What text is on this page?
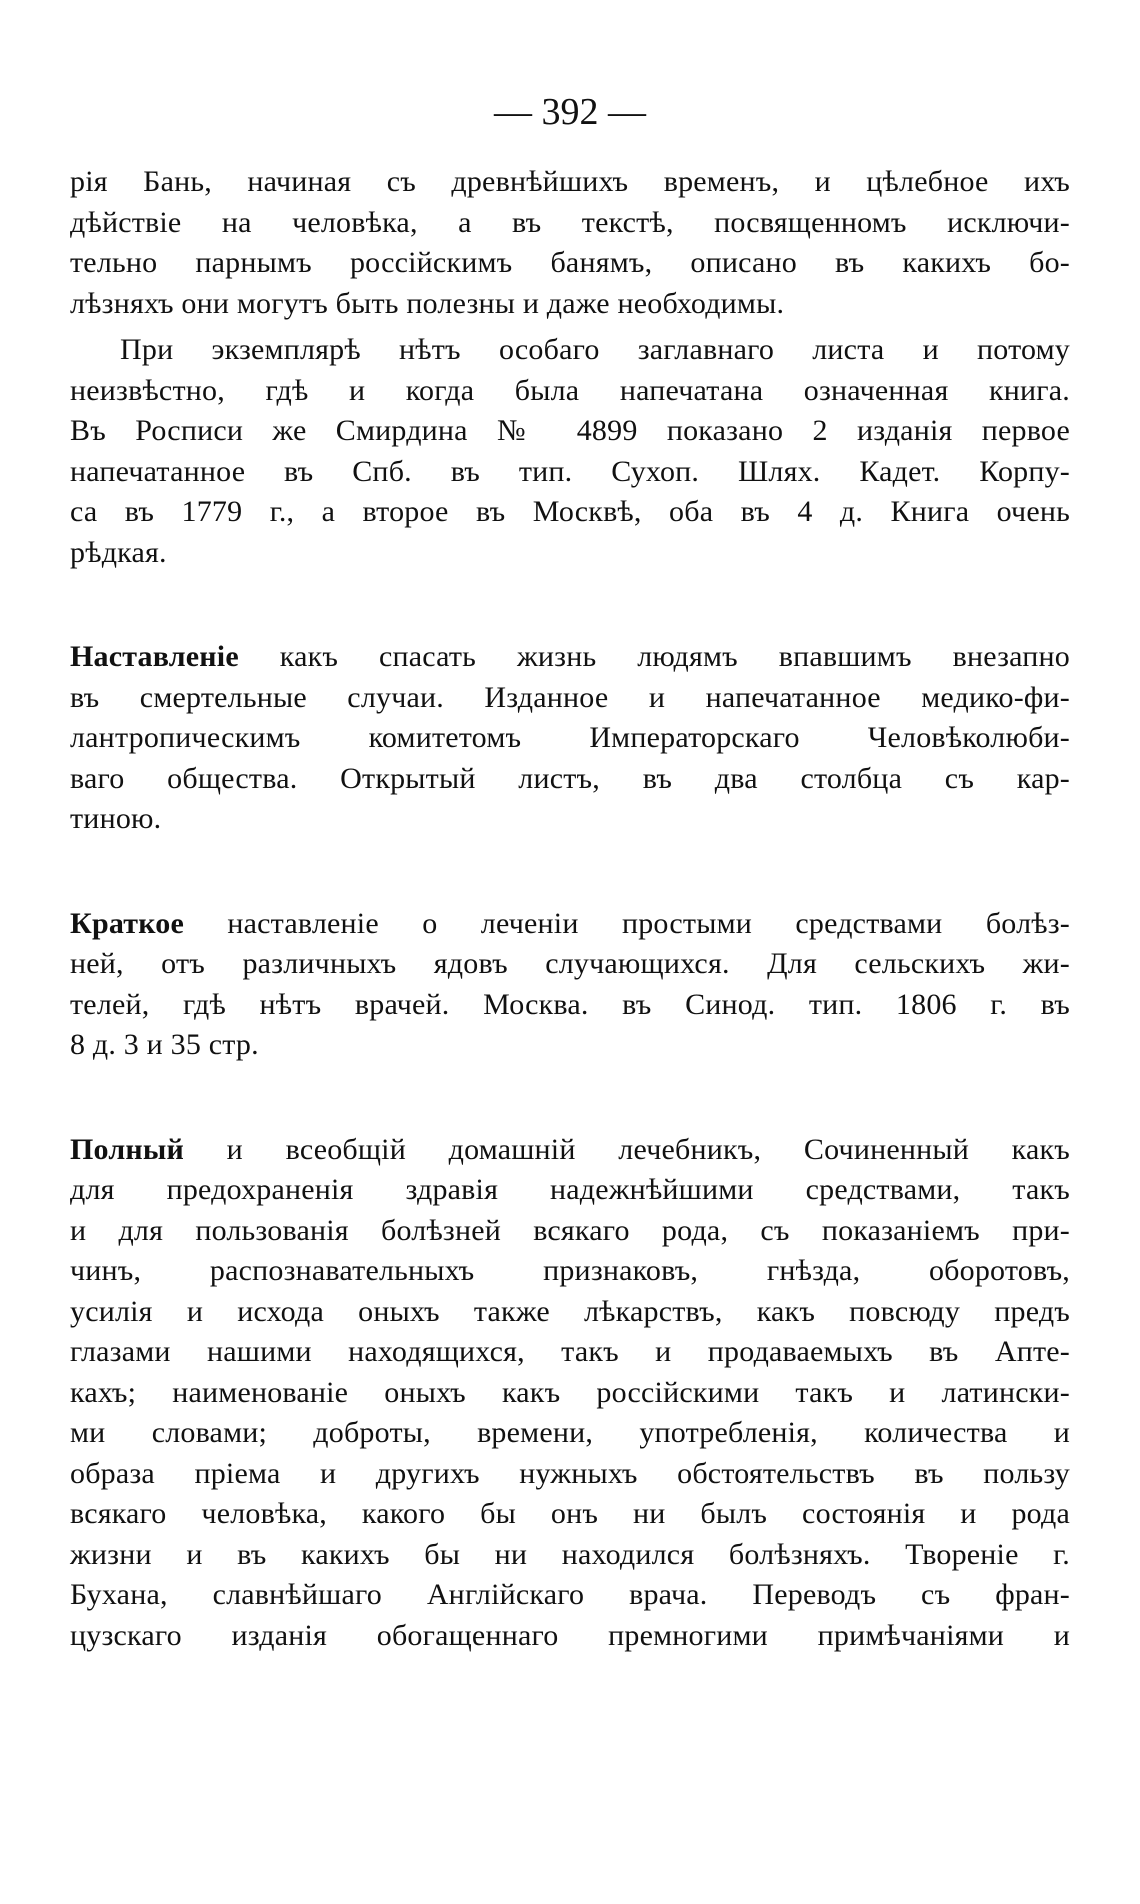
— 392 —
рія Бань, начиная съ древнѣйшихъ временъ, и цѣлебное ихъ
дѣйствіе на человѣка, а въ текстѣ, посвященномъ исключи-
тельно парнымъ россійскимъ банямъ, описано въ какихъ бо-
лѣзняхъ они могутъ быть полезны и даже необходимы.
При экземплярѣ нѣтъ особаго заглавнаго листа и потому
неизвѣстно, гдѣ и когда была напечатана означенная книга.
Въ Росписи же Смирдина № 4899 показано 2 изданія первое
напечатанное въ Спб. въ тип. Сухоп. Шлях. Кадет. Корпу-
са въ 1779 г., а второе въ Москвѣ, оба въ 4 д. Книга очень
рѣдкая.
Наставленіе какъ спасать жизнь людямъ впавшимъ внезапно
въ смертельные случаи. Изданное и напечатанное медико-фи-
лантропическимъ комитетомъ Императорскаго Человѣколюби-
ваго общества. Открытый листъ, въ два столбца съ кар-
тиною.
Краткое наставленіе о леченіи простыми средствами болѣз-
ней, отъ различныхъ ядовъ случающихся. Для сельскихъ жи-
телей, гдѣ нѣтъ врачей. Москва. въ Синод. тип. 1806 г. въ
8 д. 3 и 35 стр.
Полный и всеобщій домашній лечебникъ, Сочиненный какъ
для предохраненія здравія надежнѣйшими средствами, такъ
и для пользованія болѣзней всякаго рода, съ показаніемъ при-
чинъ, распознавательныхъ признаковъ, гнѣзда, оборотовъ,
усилія и исхода оныхъ также лѣкарствъ, какъ повсюду предъ
глазами нашими находящихся, такъ и продаваемыхъ въ Апте-
кахъ; наименованіе оныхъ какъ россійскими такъ и латински-
ми словами; доброты, времени, употребленія, количества и
образа пріема и другихъ нужныхъ обстоятельствъ въ пользу
всякаго человѣка, какого бы онъ ни былъ состоянія и рода
жизни и въ какихъ бы ни находился болѣзняхъ. Твореніе г.
Бухана, славнѣйшаго Англійскаго врача. Переводъ съ фран-
цузскаго изданія обогащеннаго премногими примѣчаніями и
